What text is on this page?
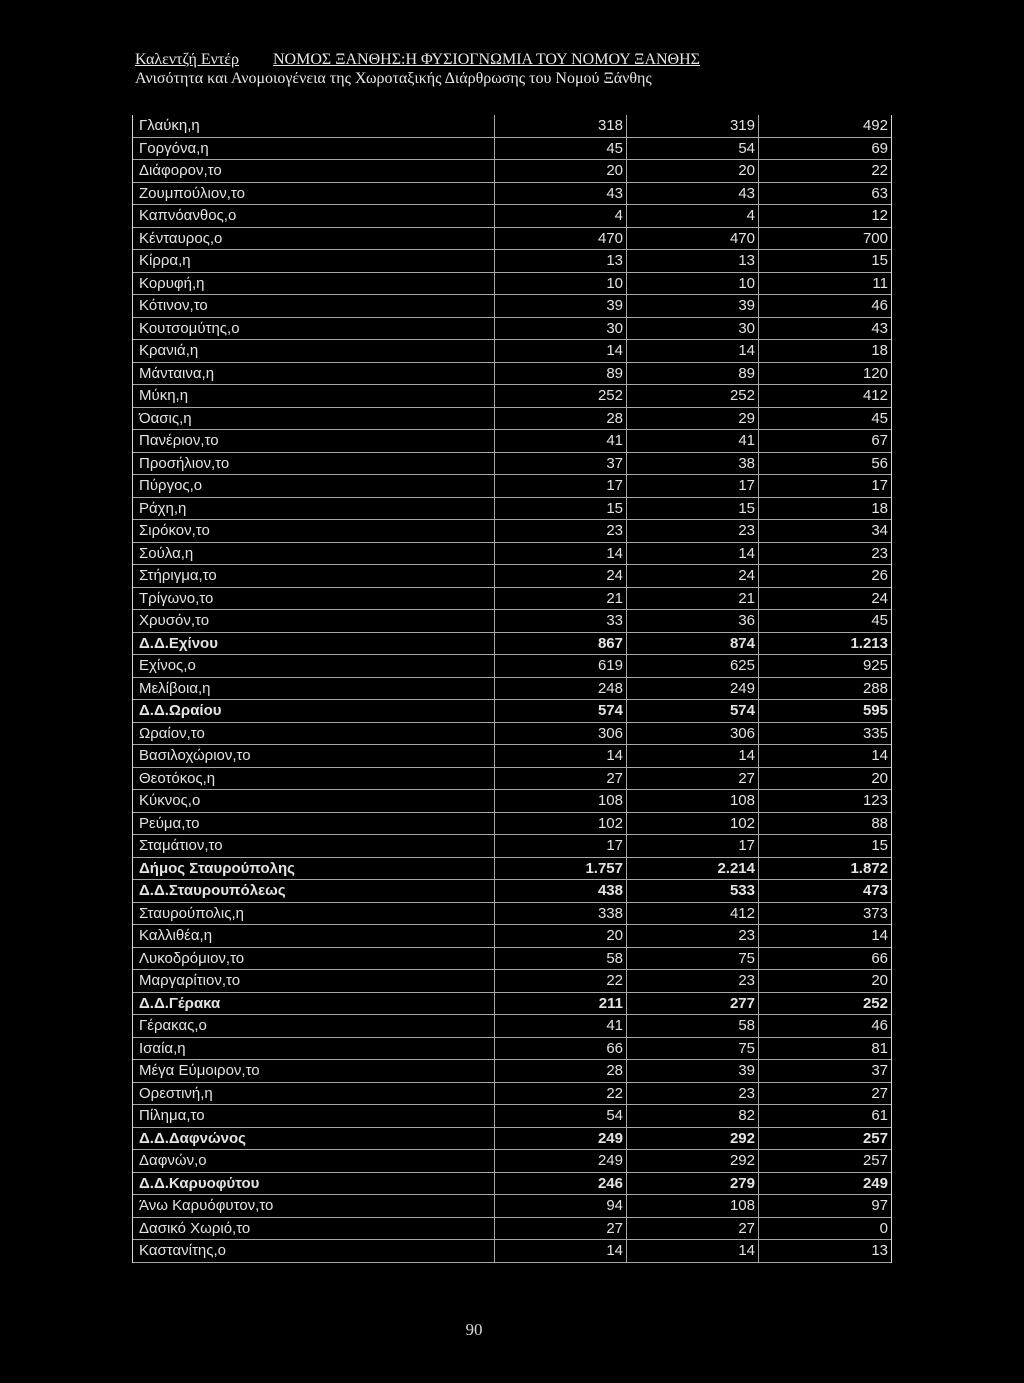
Καλεντζή Εντέρ ΝΟΜΟΣ ΞΑΝΘΗΣ:Η ΦΥΣΙΟΓΝΩΜΙΑ ΤΟΥ ΝΟΜΟΥ ΞΑΝΘΗΣ
Ανισότητα και Ανομοιογένεια της Χωροταξικής Διάρθρωσης του Νομού Ξάνθης
Γλαύκη,η	318	319	492
Γοργόνα,η	45	54	69
Διάφορον,το	20	20	22
Ζουμπούλιον,το	43	43	63
Καπνόανθος,ο	4	4	12
Κένταυρος,ο	470	470	700
Κίρρα,η	13	13	15
Κορυφή,η	10	10	11
Κότινον,το	39	39	46
Κουτσομύτης,ο	30	30	43
Κρανιά,η	14	14	18
Μάνταινα,η	89	89	120
Μύκη,η	252	252	412
Όασις,η	28	29	45
Πανέριον,το	41	41	67
Προσήλιον,το	37	38	56
Πύργος,ο	17	17	17
Ράχη,η	15	15	18
Σιρόκον,το	23	23	34
Σούλα,η	14	14	23
Στήριγμα,το	24	24	26
Τρίγωνο,το	21	21	24
Χρυσόν,το	33	36	45
Δ.Δ.Εχίνου	867	874	1.213
Εχίνος,ο	619	625	925
Μελίβοια,η	248	249	288
Δ.Δ.Ωραίου	574	574	595
Ωραίον,το	306	306	335
Βασιλοχώριον,το	14	14	14
Θεοτόκος,η	27	27	20
Κύκνος,ο	108	108	123
Ρεύμα,το	102	102	88
Σταμάτιον,το	17	17	15
Δήμος Σταυρούπολης	1.757	2.214	1.872
Δ.Δ.Σταυρουπόλεως	438	533	473
Σταυρούπολις,η	338	412	373
Καλλιθέα,η	20	23	14
Λυκοδρόμιον,το	58	75	66
Μαργαρίτιον,το	22	23	20
Δ.Δ.Γέρακα	211	277	252
Γέρακας,ο	41	58	46
Ισαία,η	66	75	81
Μέγα Εύμοιρον,το	28	39	37
Ορεστινή,η	22	23	27
Πίλημα,το	54	82	61
Δ.Δ.Δαφνώνος	249	292	257
Δαφνών,ο	249	292	257
Δ.Δ.Καρυοφύτου	246	279	249
Άνω Καρυόφυτον,το	94	108	97
Δασικό Χωριό,το	27	27	0
Καστανίτης,ο	14	14	13
90
